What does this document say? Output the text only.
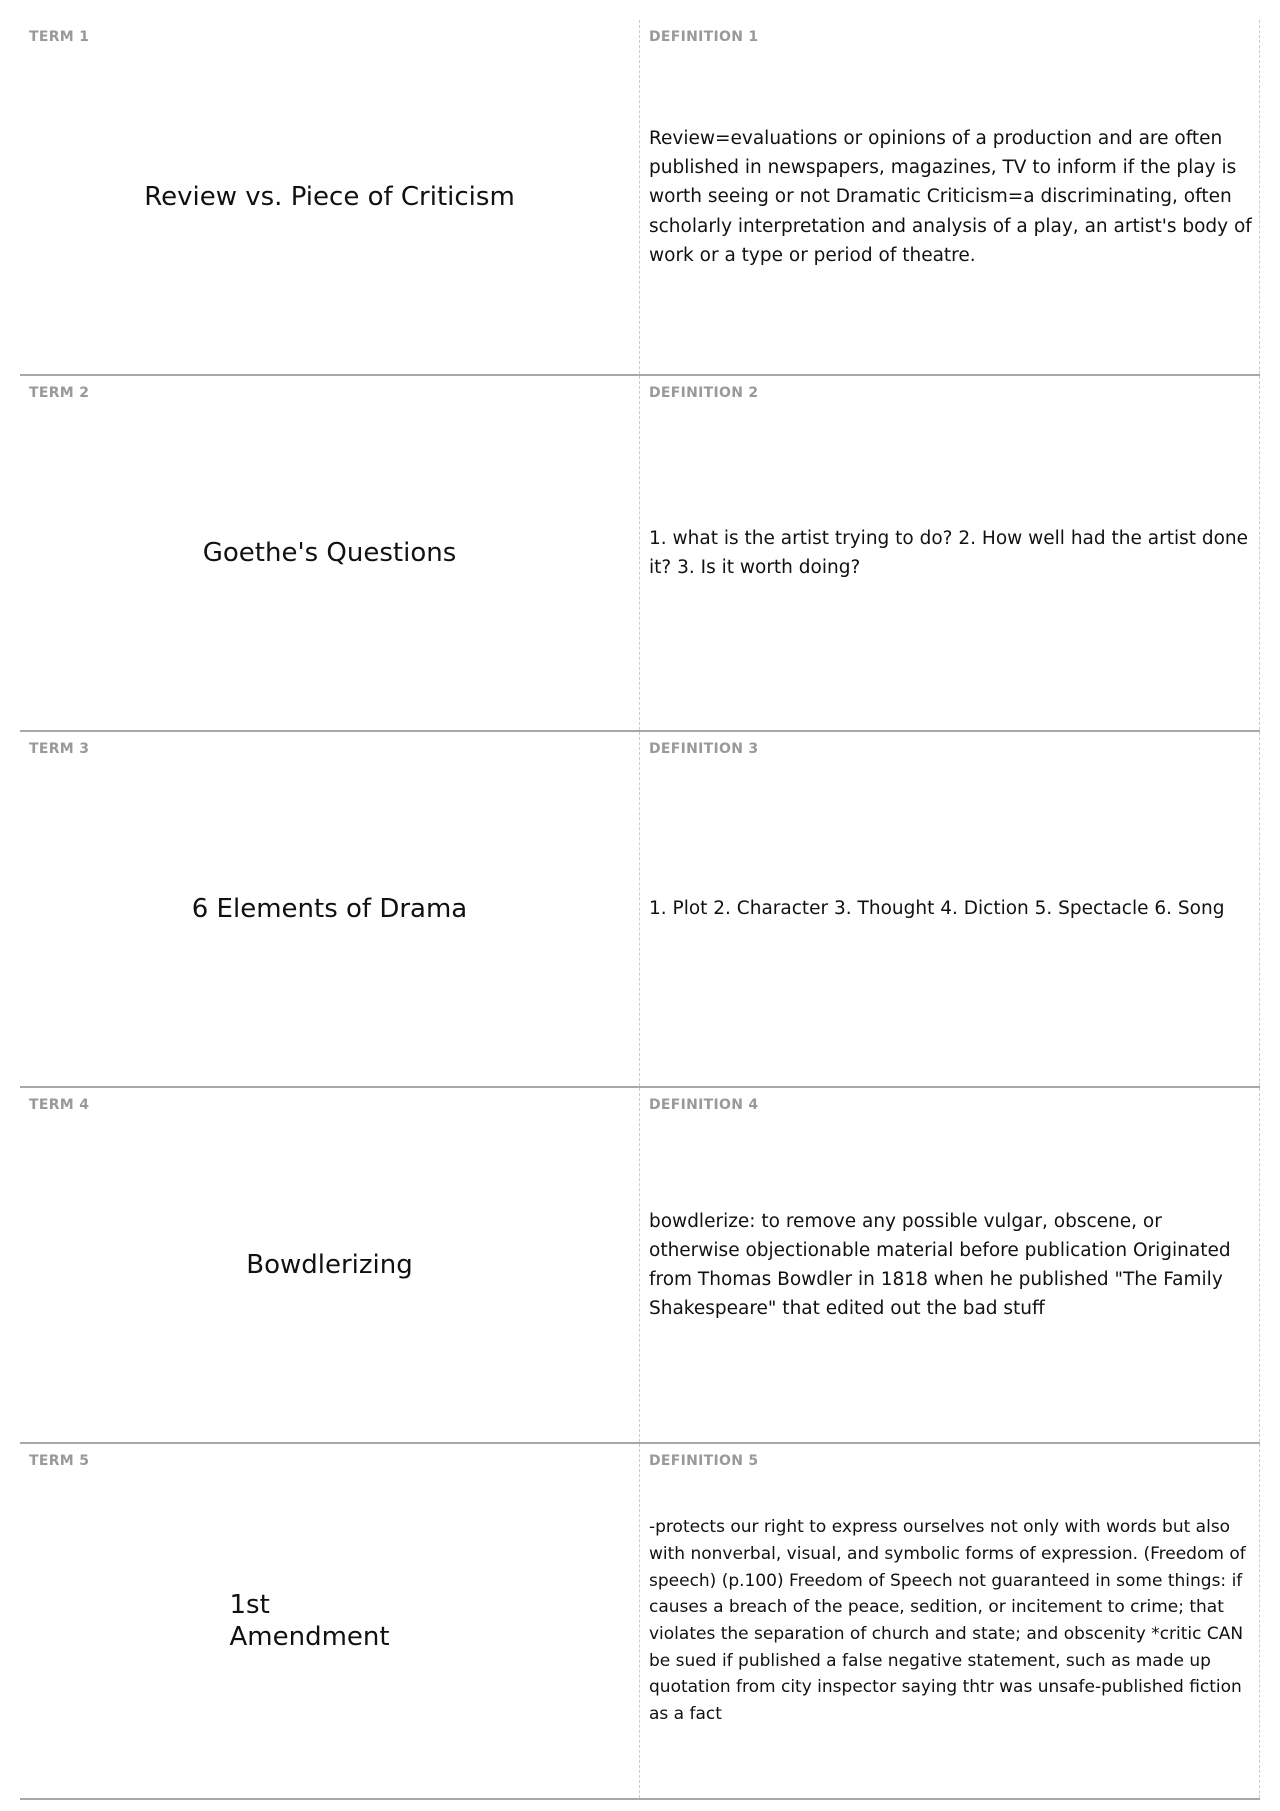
TERM 1
Review vs. Piece of Criticism
DEFINITION 1
Review=evaluations or opinions of a production and are often published in newspapers, magazines, TV to inform if the play is worth seeing or not Dramatic Criticism=a discriminating, often scholarly interpretation and analysis of a play, an artist's body of work or a type or period of theatre.
TERM 2
Goethe's Questions
DEFINITION 2
1. what is the artist trying to do? 2. How well had the artist done it? 3. Is it worth doing?
TERM 3
6 Elements of Drama
DEFINITION 3
1. Plot 2. Character 3. Thought 4. Diction 5. Spectacle 6. Song
TERM 4
Bowdlerizing
DEFINITION 4
bowdlerize: to remove any possible vulgar, obscene, or otherwise objectionable material before publication Originated from Thomas Bowdler in 1818 when he published "The Family Shakespeare" that edited out the bad stuff
TERM 5
1st Amendment
DEFINITION 5
-protects our right to express ourselves not only with words but also with nonverbal, visual, and symbolic forms of expression. (Freedom of speech) (p.100) Freedom of Speech not guaranteed in some things: if causes a breach of the peace, sedition, or incitement to crime; that violates the separation of church and state; and obscenity *critic CAN be sued if published a false negative statement, such as made up quotation from city inspector saying thtr was unsafe-published fiction as a fact
